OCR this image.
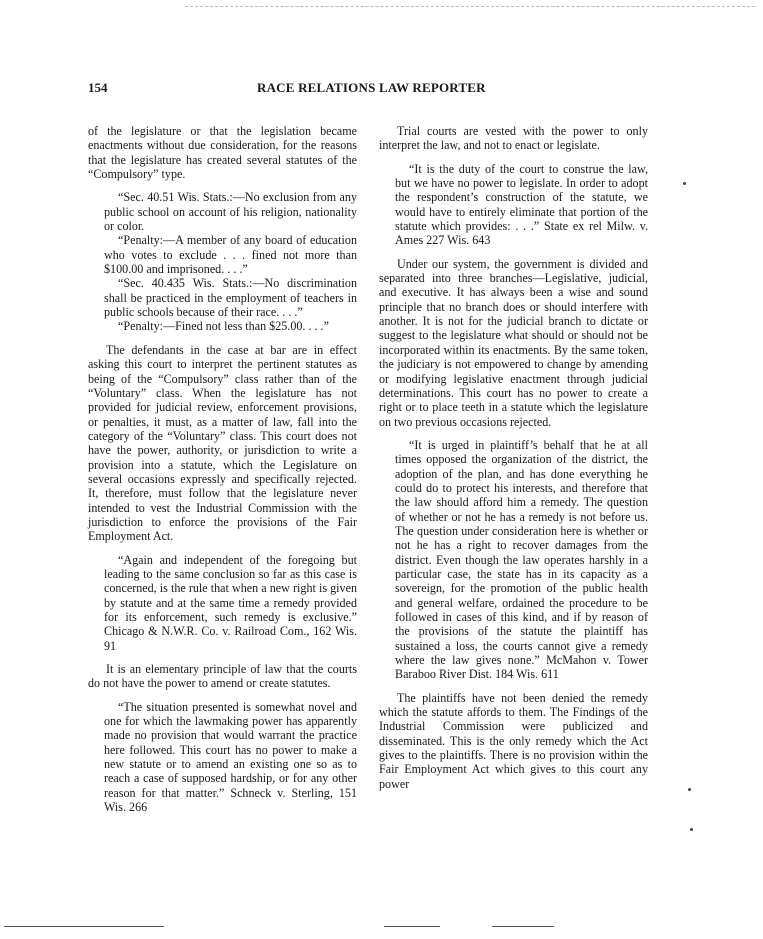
154	RACE RELATIONS LAW REPORTER

of the legislature or that the legislation became enactments without due consideration, for the reasons that the legislature has created several statutes of the “Compulsory” type.

“Sec. 40.51 Wis. Stats.:—No exclusion from any public school on account of his religion, nationality or color.

“Penalty:—A member of any board of education who votes to exclude . . . fined not more than $100.00 and imprisoned. . . .”

“Sec. 40.435 Wis. Stats.:—No discrimination shall be practiced in the employment of teachers in public schools because of their race. . . .”

“Penalty:—Fined not less than $25.00. . . .”

The defendants in the case at bar are in effect asking this court to interpret the pertinent statutes as being of the “Compulsory” class rather than of the “Voluntary” class. When the legislature has not provided for judicial review, enforcement provisions, or penalties, it must, as a matter of law, fall into the category of the “Voluntary” class. This court does not have the power, authority, or jurisdiction to write a provision into a statute, which the Legislature on several occasions expressly and specifically rejected. It, therefore, must follow that the legislature never intended to vest the Industrial Commission with the jurisdiction to enforce the provisions of the Fair Employment Act.

“Again and independent of the foregoing but leading to the same conclusion so far as this case is concerned, is the rule that when a new right is given by statute and at the same time a remedy provided for its enforcement, such remedy is exclusive.” Chicago & N.W.R. Co. v. Railroad Com., 162 Wis. 91

It is an elementary principle of law that the courts do not have the power to amend or create statutes.

“The situation presented is somewhat novel and one for which the lawmaking power has apparently made no provision that would warrant the practice here followed. This court has no power to make a new statute or to amend an existing one so as to reach a case of supposed hardship, or for any other reason for that matter.” Schneck v. Sterling, 151 Wis. 266

Trial courts are vested with the power to only interpret the law, and not to enact or legislate.

“It is the duty of the court to construe the law, but we have no power to legislate. In order to adopt the respondent’s construction of the statute, we would have to entirely eliminate that portion of the statute which provides: . . .” State ex rel Milw. v. Ames 227 Wis. 643

Under our system, the government is divided and separated into three branches—Legislative, judicial, and executive. It has always been a wise and sound principle that no branch does or should interfere with another. It is not for the judicial branch to dictate or suggest to the legislature what should or should not be incorporated within its enactments. By the same token, the judiciary is not empowered to change by amending or modifying legislative enactment through judicial determinations. This court has no power to create a right or to place teeth in a statute which the legislature on two previous occasions rejected.

“It is urged in plaintiff’s behalf that he at all times opposed the organization of the district, the adoption of the plan, and has done everything he could do to protect his interests, and therefore that the law should afford him a remedy. The question of whether or not he has a remedy is not before us. The question under consideration here is whether or not he has a right to recover damages from the district. Even though the law operates harshly in a particular case, the state has in its capacity as a sovereign, for the promotion of the public health and general welfare, ordained the procedure to be followed in cases of this kind, and if by reason of the provisions of the statute the plaintiff has sustained a loss, the courts cannot give a remedy where the law gives none.” McMahon v. Tower Baraboo River Dist. 184 Wis. 611

The plaintiffs have not been denied the remedy which the statute affords to them. The Findings of the Industrial Commission were publicized and disseminated. This is the only remedy which the Act gives to the plaintiffs. There is no provision within the Fair Employment Act which gives to this court any power
